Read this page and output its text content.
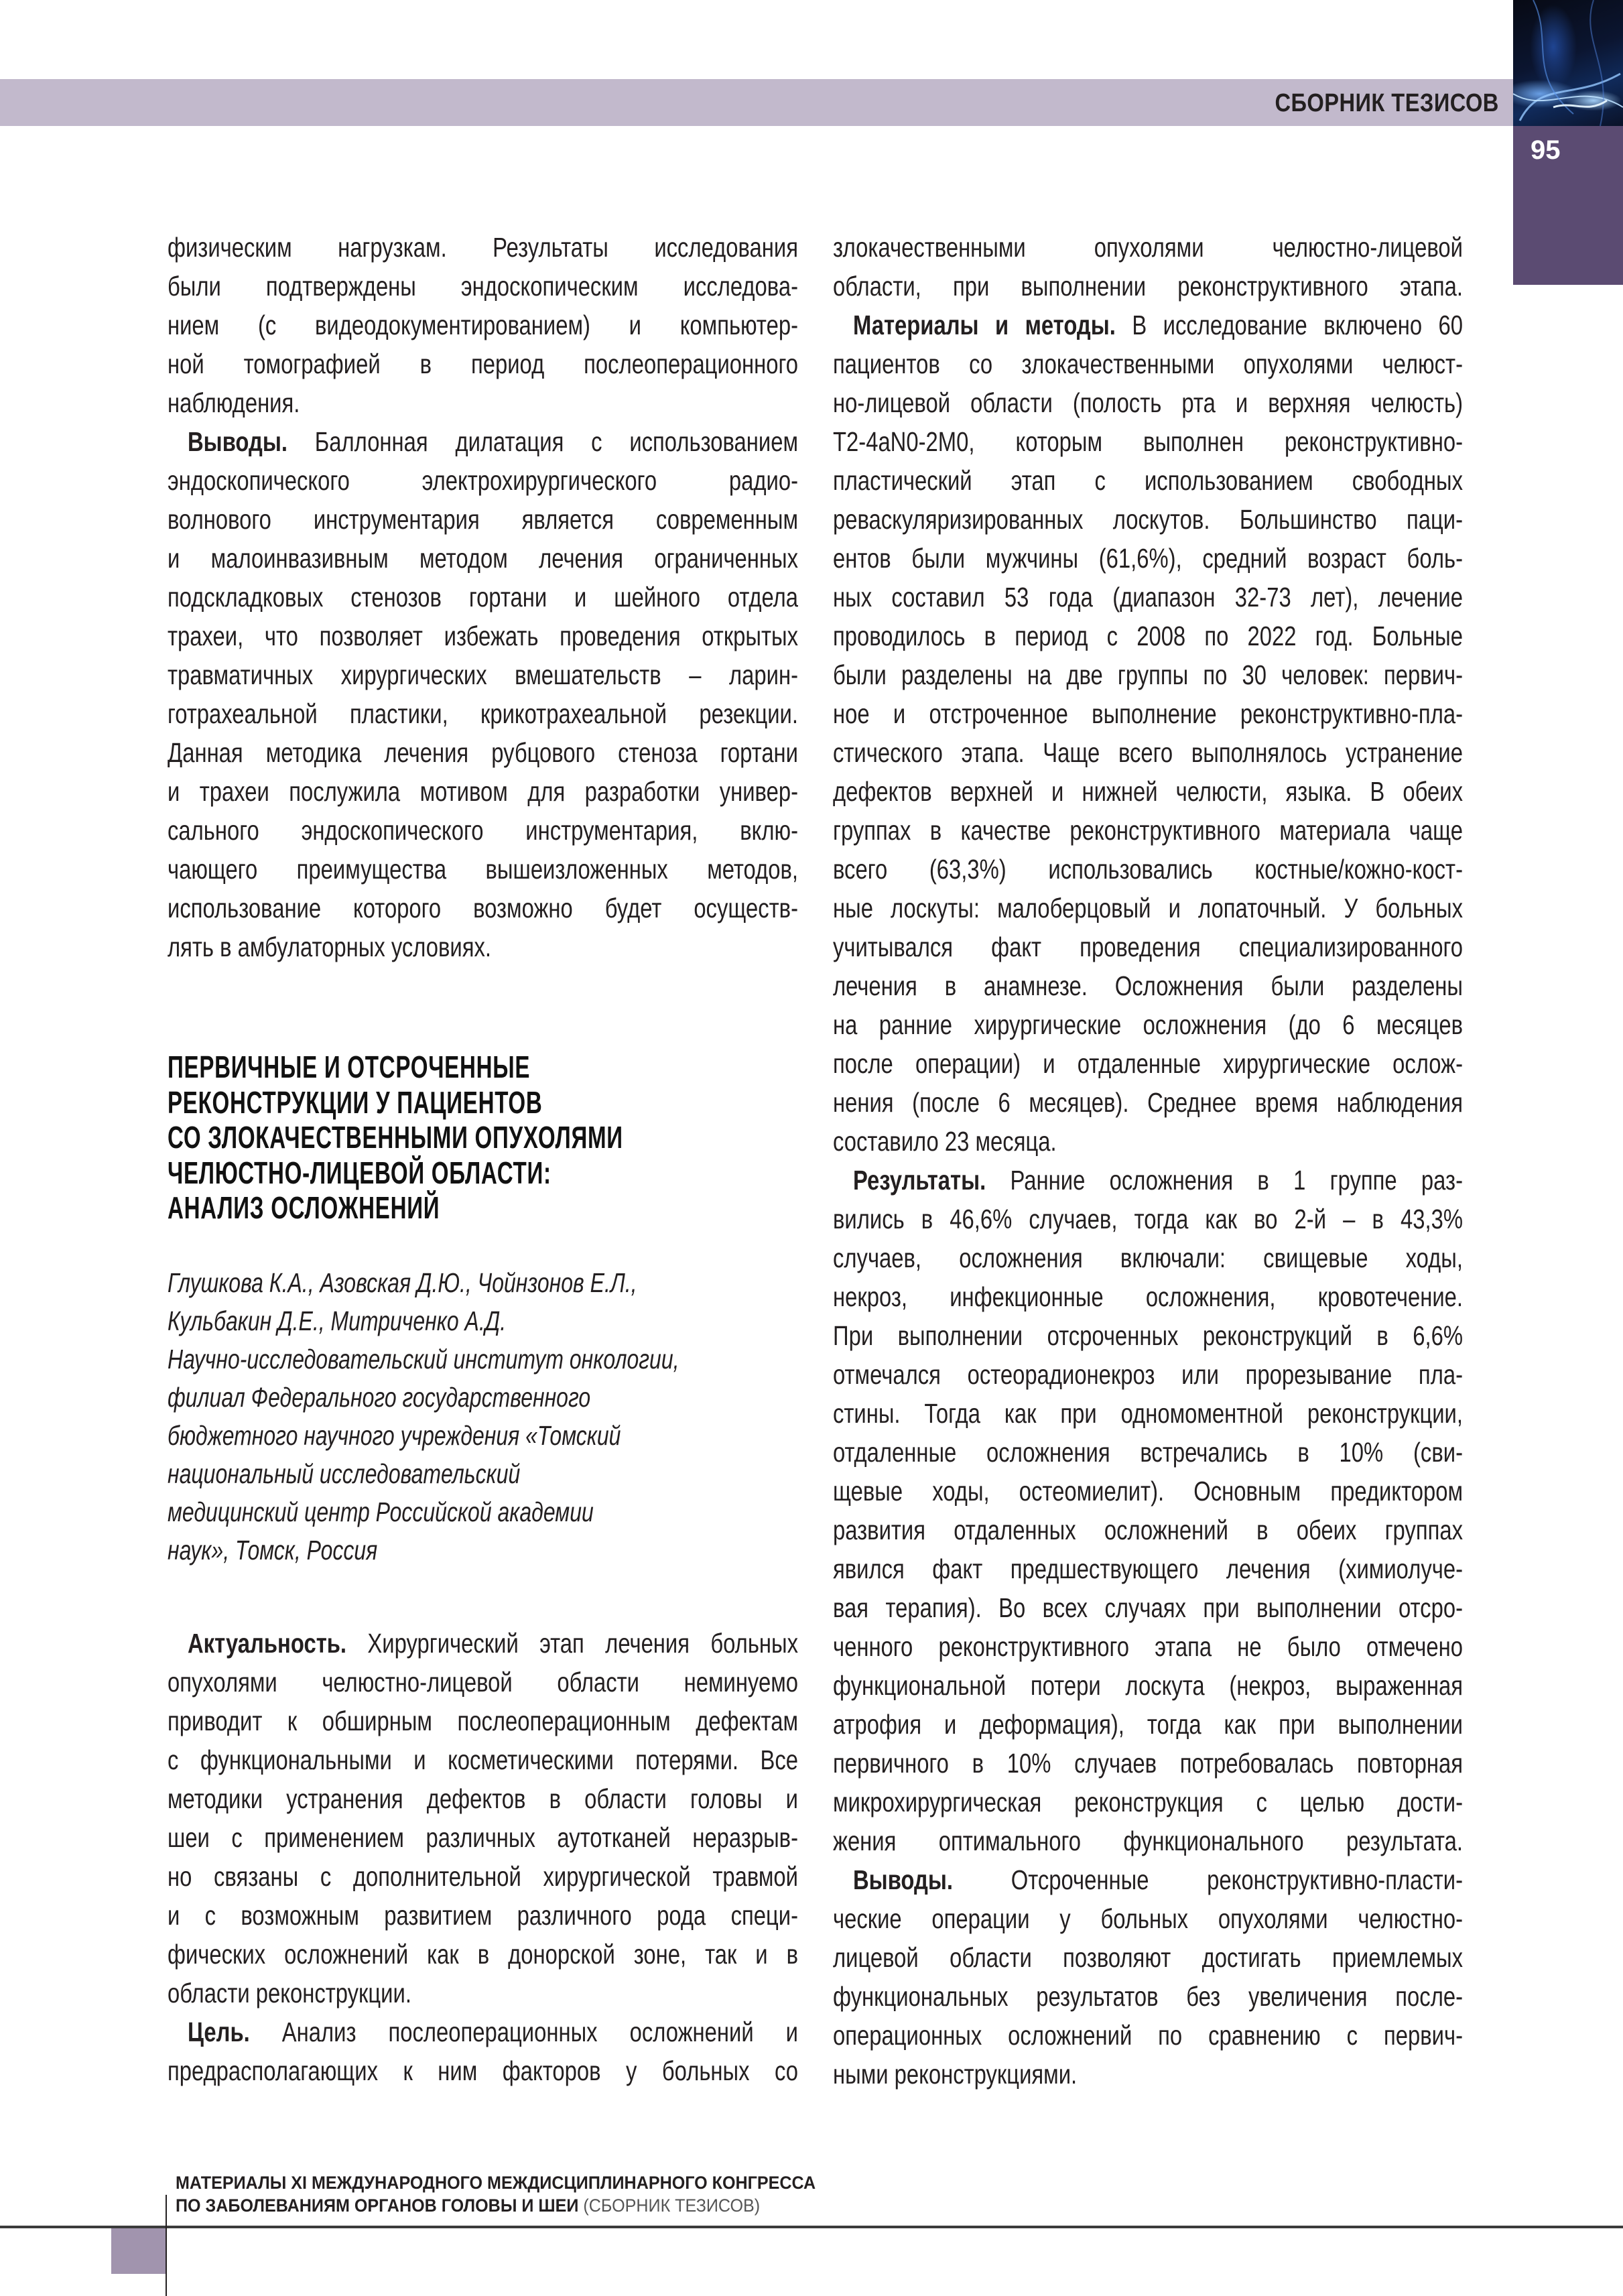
СБОРНИК ТЕЗИСОВ
95
физическим нагрузкам. Результаты исследования
были подтверждены эндоскопическим исследова-
нием (с видеодокументированием) и компьютер-
ной томографией в период послеоперационного
наблюдения.
Выводы. Баллонная дилатация с использованием
эндоскопического электрохирургического радио-
волнового инструментария является современным
и малоинвазивным методом лечения ограниченных
подскладковых стенозов гортани и шейного отдела
трахеи, что позволяет избежать проведения открытых
травматичных хирургических вмешательств – ларин-
готрахеальной пластики, крикотрахеальной резекции.
Данная методика лечения рубцового стеноза гортани
и трахеи послужила мотивом для разработки универ-
сального эндоскопического инструментария, вклю-
чающего преимущества вышеизложенных методов,
использование которого возможно будет осуществ-
лять в амбулаторных условиях.
ПЕРВИЧНЫЕ И ОТСРОЧЕННЫЕ
РЕКОНСТРУКЦИИ У ПАЦИЕНТОВ
СО ЗЛОКАЧЕСТВЕННЫМИ ОПУХОЛЯМИ
ЧЕЛЮСТНО-ЛИЦЕВОЙ ОБЛАСТИ:
АНАЛИЗ ОСЛОЖНЕНИЙ
Глушкова К.А., Азовская Д.Ю., Чойнзонов Е.Л.,
Кульбакин Д.Е., Митриченко А.Д.
Научно-исследовательский институт онкологии,
филиал Федерального государственного
бюджетного научного учреждения «Томский
национальный исследовательский
медицинский центр Российской академии
наук», Томск, Россия
Актуальность. Хирургический этап лечения больных
опухолями челюстно-лицевой области неминуемо
приводит к обширным послеоперационным дефектам
с функциональными и косметическими потерями. Все
методики устранения дефектов в области головы и
шеи с применением различных аутотканей неразрыв-
но связаны с дополнительной хирургической травмой
и с возможным развитием различного рода специ-
фических осложнений как в донорской зоне, так и в
области реконструкции.
Цель. Анализ послеоперационных осложнений и
предрасполагающих к ним факторов у больных со
злокачественными опухолями челюстно-лицевой
области, при выполнении реконструктивного этапа.
Материалы и методы. В исследование включено 60
пациентов со злокачественными опухолями челюст-
но-лицевой области (полость рта и верхняя челюсть)
Т2-4aN0-2M0, которым выполнен реконструктивно-
пластический этап с использованием свободных
реваскуляризированных лоскутов. Большинство паци-
ентов были мужчины (61,6%), средний возраст боль-
ных составил 53 года (диапазон 32-73 лет), лечение
проводилось в период с 2008 по 2022 год. Больные
были разделены на две группы по 30 человек: первич-
ное и отстроченное выполнение реконструктивно-пла-
стического этапа. Чаще всего выполнялось устранение
дефектов верхней и нижней челюсти, языка. В обеих
группах в качестве реконструктивного материала чаще
всего (63,3%) использовались костные/кожно-кост-
ные лоскуты: малоберцовый и лопаточный. У больных
учитывался факт проведения специализированного
лечения в анамнезе. Осложнения были разделены
на ранние хирургические осложнения (до 6 месяцев
после операции) и отдаленные хирургические ослож-
нения (после 6 месяцев). Среднее время наблюдения
составило 23 месяца.
Результаты. Ранние осложнения в 1 группе раз-
вились в 46,6% случаев, тогда как во 2-й – в 43,3%
случаев, осложнения включали: свищевые ходы,
некроз, инфекционные осложнения, кровотечение.
При выполнении отсроченных реконструкций в 6,6%
отмечался остеорадионекроз или прорезывание пла-
стины. Тогда как при одномоментной реконструкции,
отдаленные осложнения встречались в 10% (сви-
щевые ходы, остеомиелит). Основным предиктором
развития отдаленных осложнений в обеих группах
явился факт предшествующего лечения (химиолуче-
вая терапия). Во всех случаях при выполнении отсро-
ченного реконструктивного этапа не было отмечено
функциональной потери лоскута (некроз, выраженная
атрофия и деформация), тогда как при выполнении
первичного в 10% случаев потребовалась повторная
микрохирургическая реконструкция с целью дости-
жения оптимального функционального результата.
Выводы. Отсроченные реконструктивно-пласти-
ческие операции у больных опухолями челюстно-
лицевой области позволяют достигать приемлемых
функциональных результатов без увеличения после-
операционных осложнений по сравнению с первич-
ными реконструкциями.
МАТЕРИАЛЫ XI МЕЖДУНАРОДНОГО МЕЖДИСЦИПЛИНАРНОГО КОНГРЕССА
ПО ЗАБОЛЕВАНИЯМ ОРГАНОВ ГОЛОВЫ И ШЕИ (СБОРНИК ТЕЗИСОВ)
